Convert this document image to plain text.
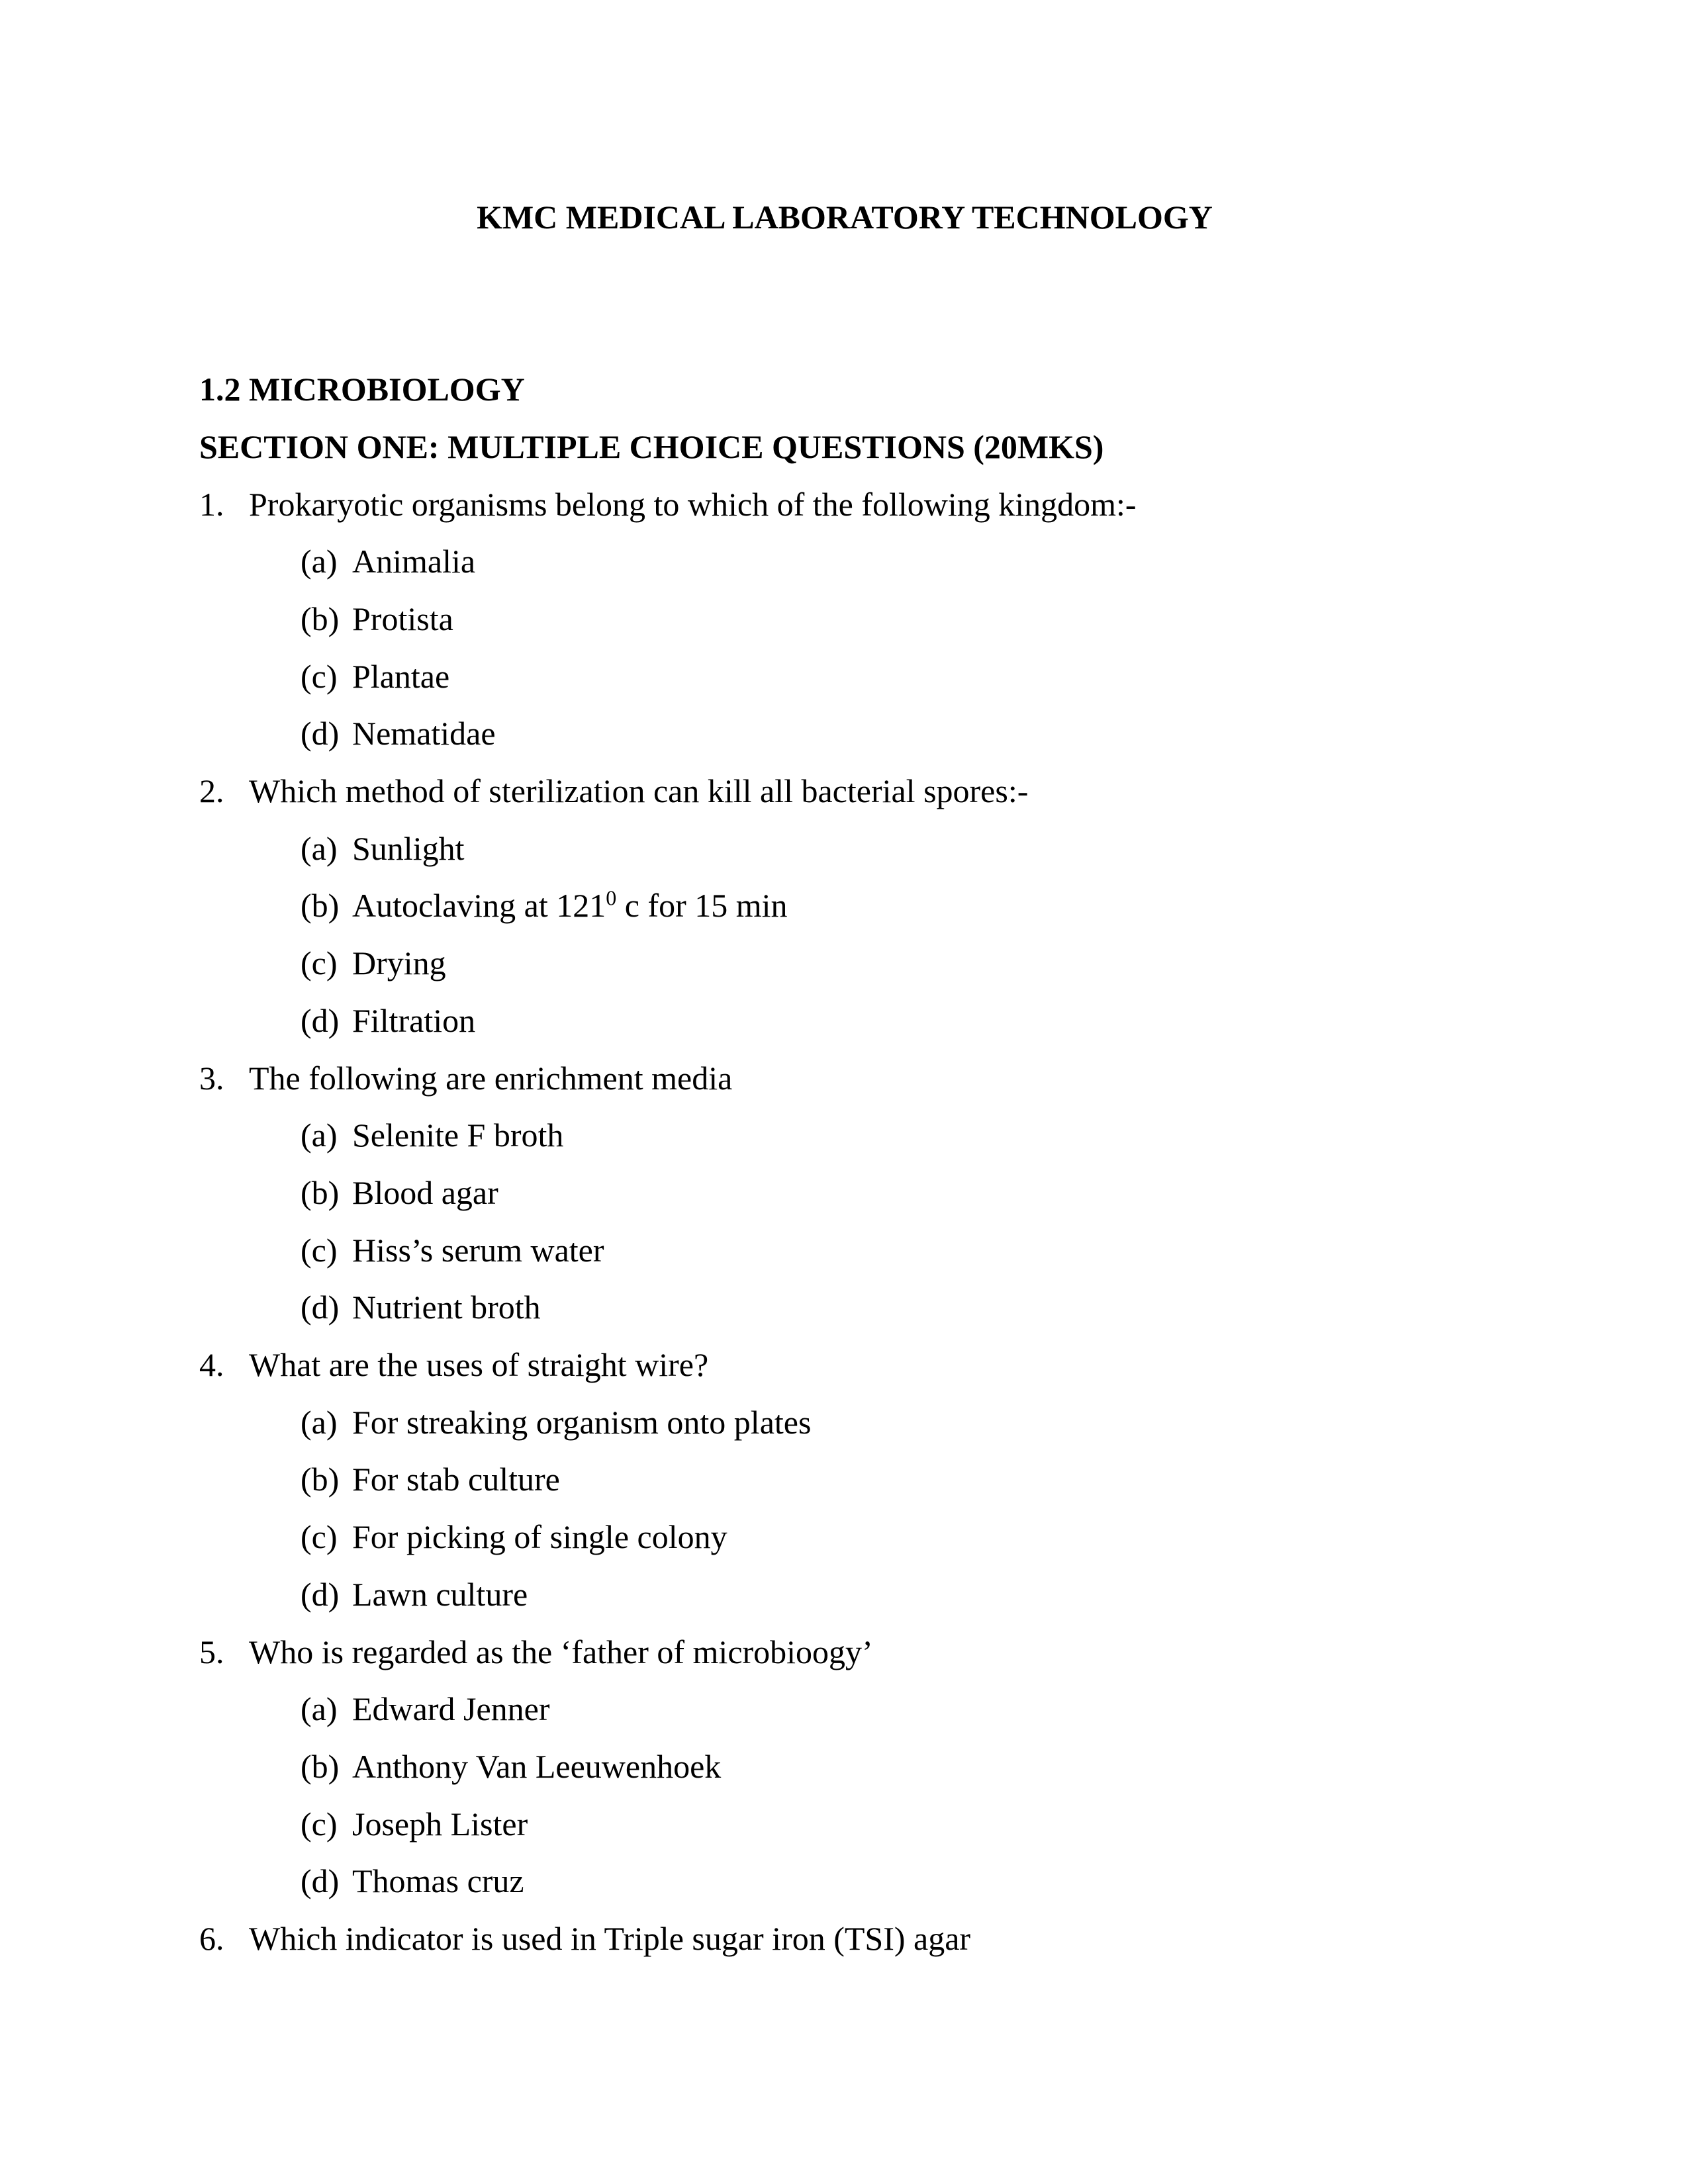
KMC MEDICAL LABORATORY TECHNOLOGY
1.2 MICROBIOLOGY
SECTION ONE: MULTIPLE CHOICE QUESTIONS (20MKS)
1. Prokaryotic organisms belong to which of the following kingdom:-
(a) Animalia
(b) Protista
(c) Plantae
(d) Nematidae
2. Which method of sterilization can kill all bacterial spores:-
(a) Sunlight
(b) Autoclaving at $121^0$ c for 15 min
(c) Drying
(d) Filtration
3. The following are enrichment media
(a) Selenite F broth
(b) Blood agar
(c) Hiss’s serum water
(d) Nutrient broth
4. What are the uses of straight wire?
(a) For streaking organism onto plates
(b) For stab culture
(c) For picking of single colony
(d) Lawn culture
5. Who is regarded as the ‘father of microbioogy’
(a) Edward Jenner
(b) Anthony Van Leeuwenhoek
(c) Joseph Lister
(d) Thomas cruz
6. Which indicator is used in Triple sugar iron (TSI) agar
